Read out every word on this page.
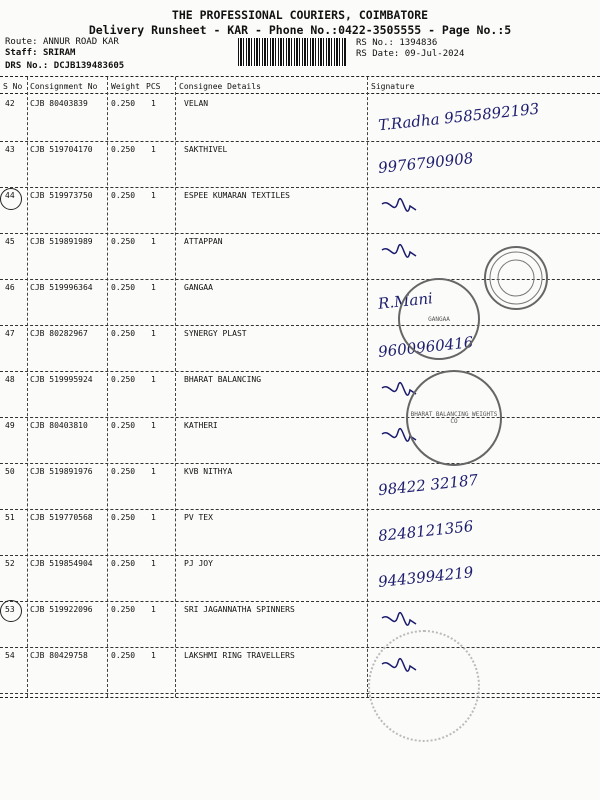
THE PROFESSIONAL COURIERS, COIMBATORE
Delivery Runsheet - KAR - Phone No.:0422-3505555 - Page No.:5
Route: ANNUR ROAD KAR
Staff: SRIRAM
DRS No.: DCJB139483605
RS No.: 1394836
RS Date: 09-Jul-2024
S No Consignment No Weight PCS Consignee Details	Signature
42 CJB 80403839	0.250 1	VELAN	T.Radha 9585892193
43 CJB 519704170 0.250 1	SAKTHIVEL	9976790908
44 CJB 519973750 0.250 1	ESPEE KUMARAN TEXTILES
45 CJB 519891989 0.250 1	ATTAPPAN
46 CJB 519996364 0.250 1	GANGAA
R.Mani
47 CJB 80282967	0.250 1	SYNERGY PLAST	9600960416
48 CJB 519995924 0.250 1	BHARAT BALANCING
49 CJB 80403810	0.250 1	KATHERI
50 CJB 519891976 0.250 1	KVB NITHYA	98422 32187
51 CJB 519770568 0.250 1	PV TEX	8248121356
52 CJB 519854904 0.250 1	PJ JOY	9443994219
53 CJB 519922096 0.250 1	SRI JAGANNATHA SPINNERS
54 CJB 80429758	0.250 1	LAKSHMI RING TRAVELLERS
GANGAA
BHARAT BALANCING WEIGHTS CO
